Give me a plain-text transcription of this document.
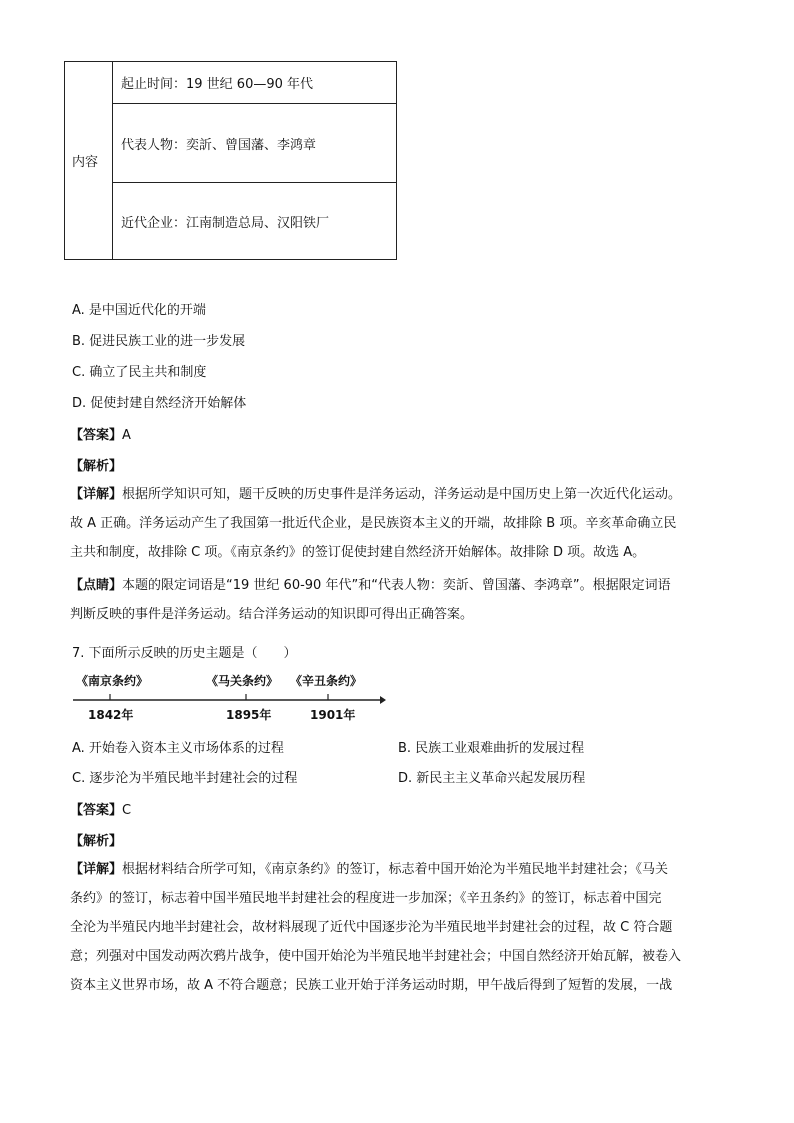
内容	起止时间：19 世纪 60—90 年代
代表人物：奕訢、曾国藩、李鸿章
近代企业：江南制造总局、汉阳铁厂
A. 是中国近代化的开端
B. 促进民族工业的进一步发展
C. 确立了民主共和制度
D. 促使封建自然经济开始解体
【答案】A
【解析】
【详解】根据所学知识可知，题干反映的历史事件是洋务运动，洋务运动是中国历史上第一次近代化运动。
故 A 正确。洋务运动产生了我国第一批近代企业，是民族资本主义的开端，故排除 B 项。辛亥革命确立民
主共和制度，故排除 C 项。《南京条约》的签订促使封建自然经济开始解体。故排除 D 项。故选 A。
【点睛】本题的限定词语是“19 世纪 60-90 年代”和“代表人物：奕訢、曾国藩、李鸿章”。根据限定词语
判断反映的事件是洋务运动。结合洋务运动的知识即可得出正确答案。
7. 下面所示反映的历史主题是（　　）
《南京条约》	《马关条约》 《辛丑条约》
1842年	1895年	1901年
A. 开始卷入资本主义市场体系的过程	B. 民族工业艰难曲折的发展过程
C. 逐步沦为半殖民地半封建社会的过程	D. 新民主主义革命兴起发展历程
【答案】C
【解析】
【详解】根据材料结合所学可知，《南京条约》的签订，标志着中国开始沦为半殖民地半封建社会；《马关
条约》的签订，标志着中国半殖民地半封建社会的程度进一步加深；《辛丑条约》的签订，标志着中国完
全沦为半殖民内地半封建社会，故材料展现了近代中国逐步沦为半殖民地半封建社会的过程，故 C 符合题
意；列强对中国发动两次鸦片战争，使中国开始沦为半殖民地半封建社会；中国自然经济开始瓦解，被卷入
资本主义世界市场，故 A 不符合题意；民族工业开始于洋务运动时期，甲午战后得到了短暂的发展，一战
